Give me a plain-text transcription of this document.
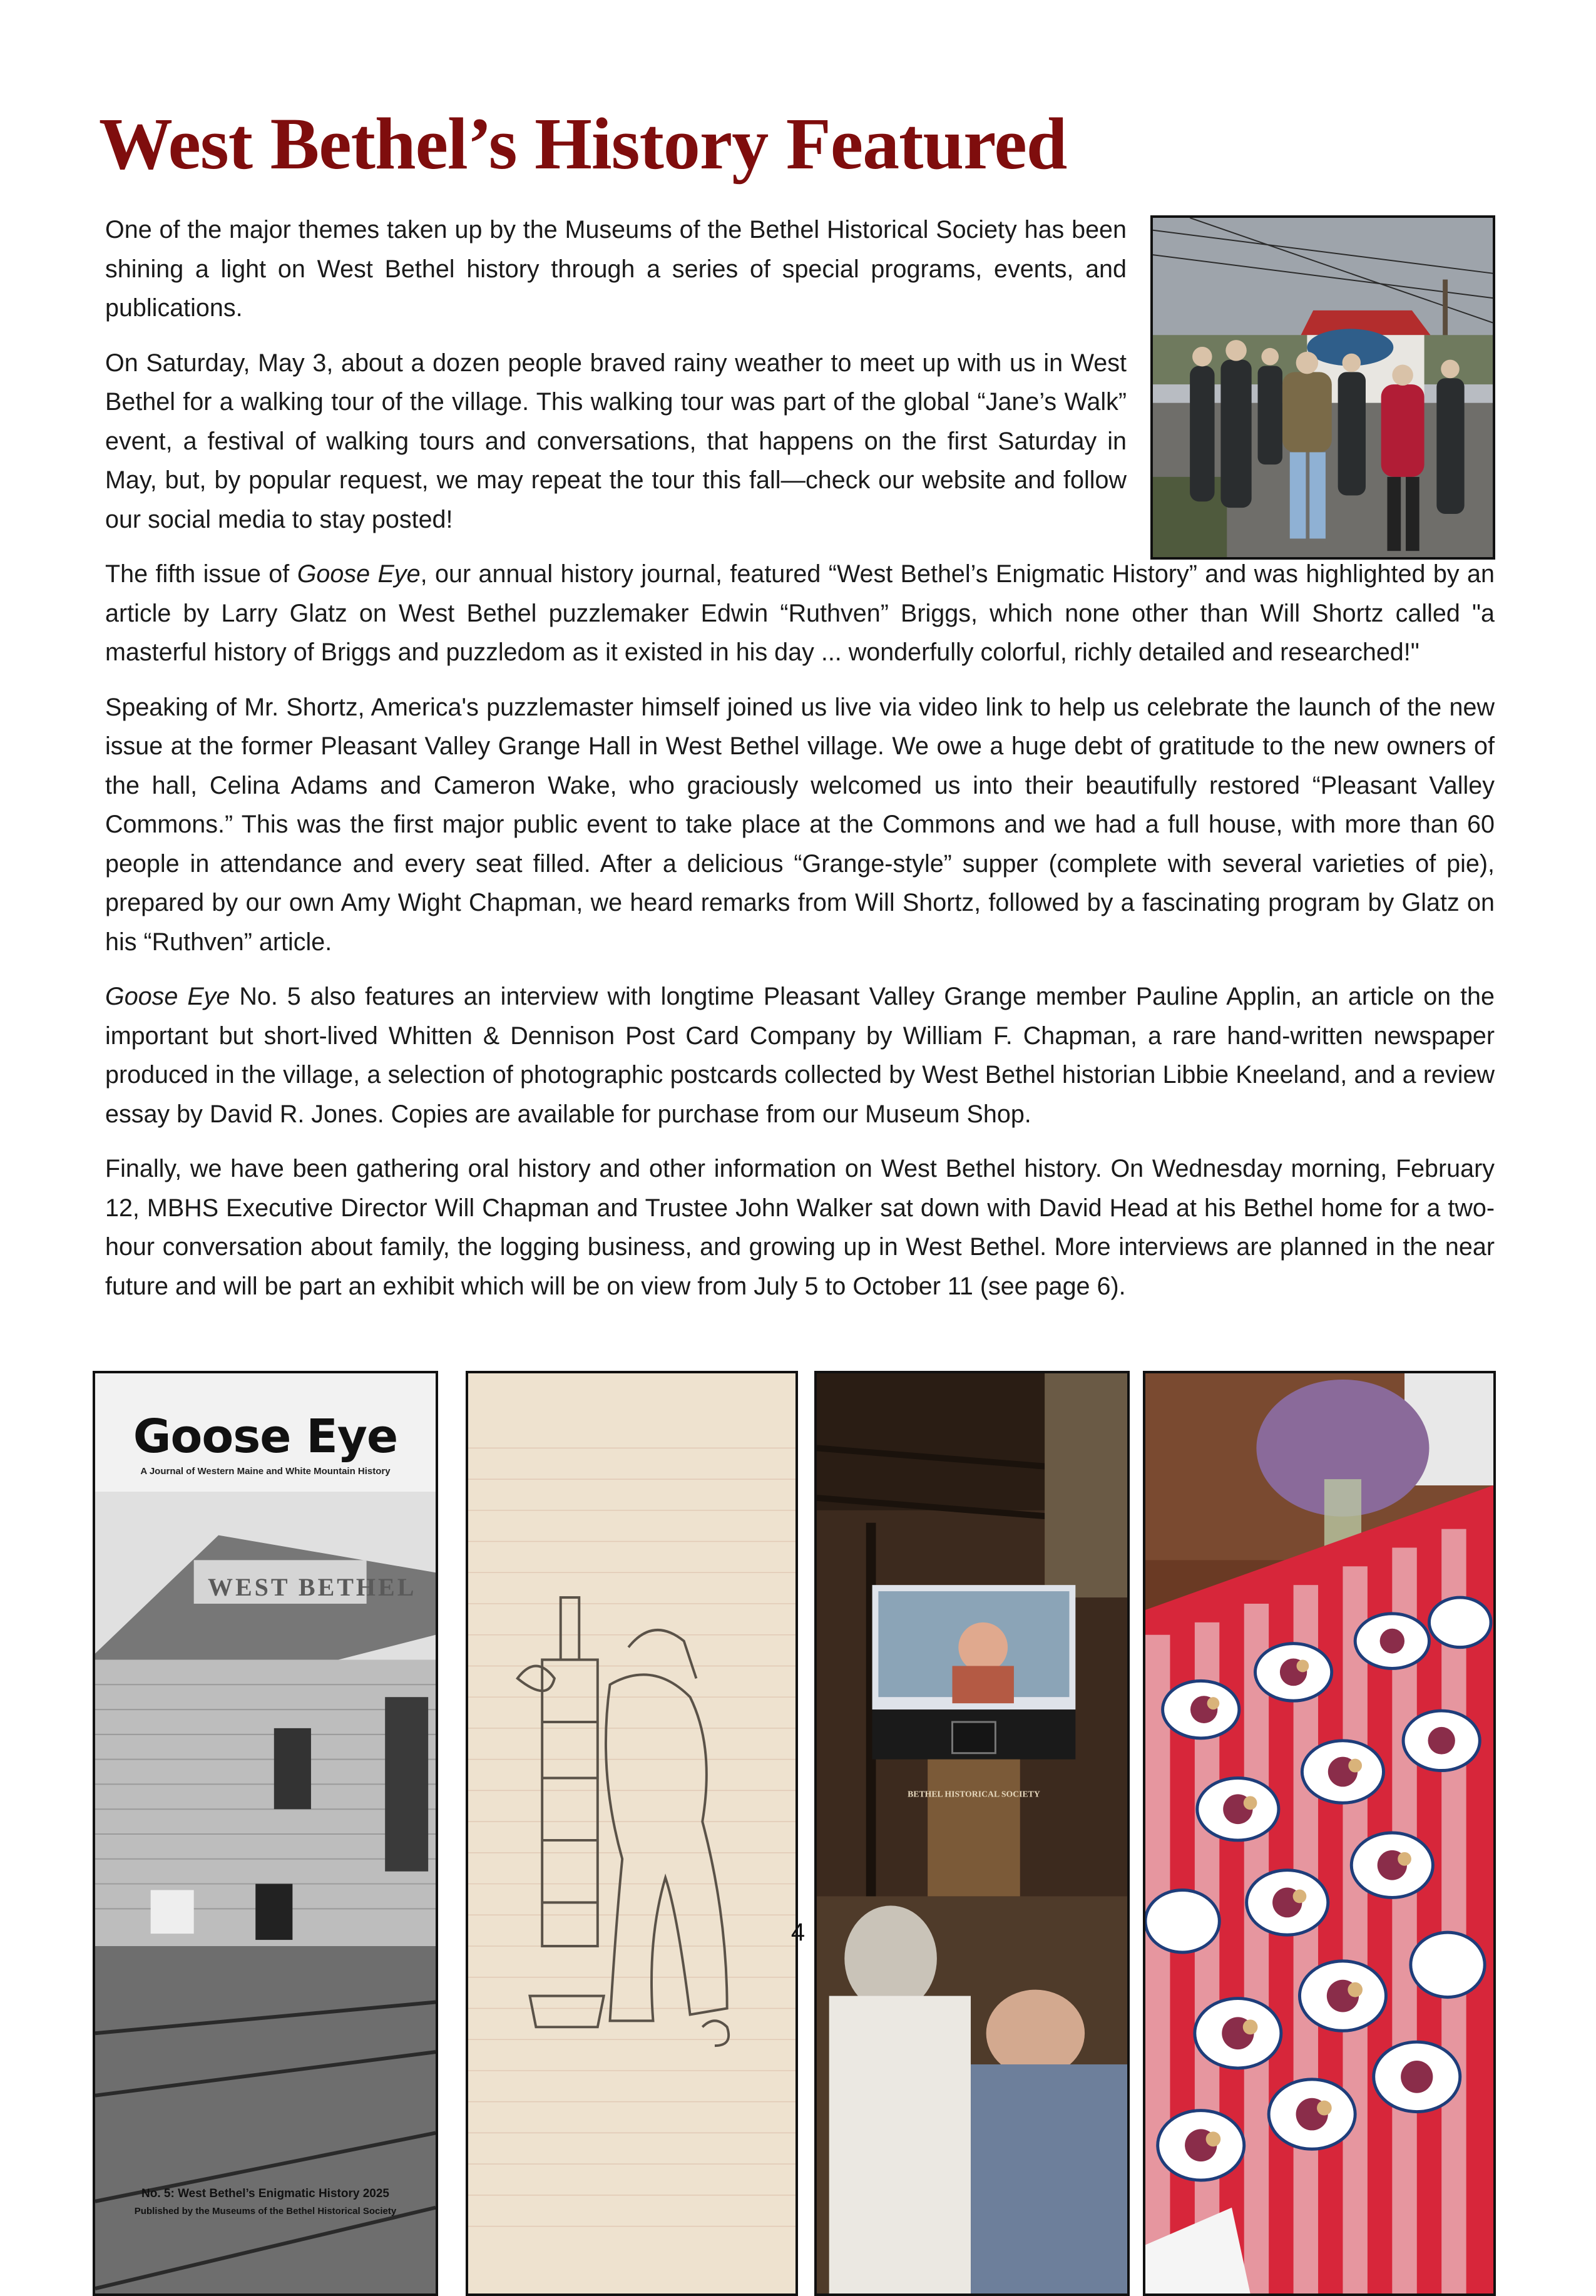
West Bethel’s History Featured

One of the major themes taken up by the Museums of the Bethel Historical Society has been shining a light on West Bethel history through a series of special programs, events, and publications.

On Saturday, May 3, about a dozen people braved rainy weather to meet up with us in West Bethel for a walking tour of the village. This walking tour was part of the global “Jane’s Walk” event, a festival of walking tours and conversations, that happens on the first Saturday in May, but, by popular request, we may repeat the tour this fall—check our website and follow our social media to stay posted!

The fifth issue of Goose Eye, our annual history journal, featured “West Bethel’s Enigmatic History” and was highlighted by an article by Larry Glatz on West Bethel puzzlemaker Edwin “Ruthven” Briggs, which none other than Will Shortz called "a masterful history of Briggs and puzzledom as it existed in his day ... wonderfully colorful, richly detailed and researched!"

Speaking of Mr. Shortz, America's puzzlemaster himself joined us live via video link to help us celebrate the launch of the new issue at the former Pleasant Valley Grange Hall in West Bethel village. We owe a huge debt of gratitude to the new owners of the hall, Celina Adams and Cameron Wake, who graciously welcomed us into their beautifully restored “Pleasant Valley Commons.” This was the first major public event to take place at the Commons and we had a full house, with more than 60 people in attendance and every seat filled. After a delicious “Grange-style” supper (complete with several varieties of pie), prepared by our own Amy Wight Chapman, we heard remarks from Will Shortz, followed by a fascinating program by Glatz on his “Ruthven” article.

Goose Eye No. 5 also features an interview with longtime Pleasant Valley Grange member Pauline Applin, an article on the important but short-lived Whitten & Dennison Post Card Company by William F. Chapman, a rare hand-written newspaper produced in the village, a selection of photographic postcards collected by West Bethel historian Libbie Kneeland, and a review essay by David R. Jones. Copies are available for purchase from our Museum Shop.

Finally, we have been gathering oral history and other information on West Bethel history. On Wednesday morning, February 12, MBHS Executive Director Will Chapman and Trustee John Walker sat down with David Head at his Bethel home for a two-hour conversation about family, the logging business, and growing up in West Bethel. More interviews are planned in the near future and will be part an exhibit which will be on view from July 5 to October 11 (see page 6).

Goose Eye
A Journal of Western Maine and White Mountain History
WEST BETHEL
No. 5: West Bethel’s Enigmatic History 2025
Published by the Museums of the Bethel Historical Society
BETHEL HISTORICAL SOCIETY
4
